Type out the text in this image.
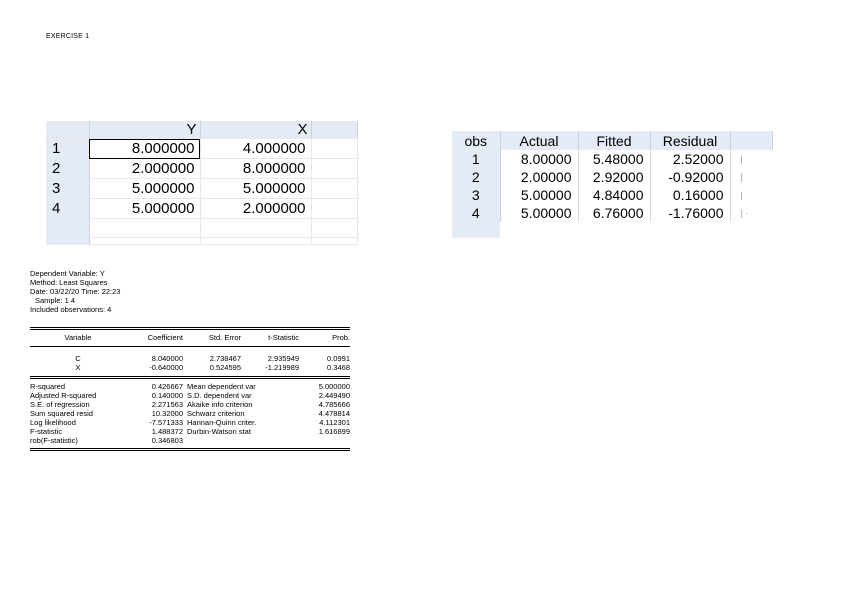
EXERCISE 1
	Y	X	
1	8.000000	4.000000	
2	2.000000	8.000000	
3	5.000000	5.000000	
4	5.000000	2.000000	

obs	Actual	Fitted	Residual	
1	8.00000	5.48000	2.52000	|
2	2.00000	2.92000	-0.92000	|
3	5.00000	4.84000	0.16000	|
4	5.00000	6.76000	-1.76000	| ·

Dependent Variable: Y
Method: Least Squares
Date: 03/22/20 Time: 22:23
Sample: 1 4
Included observations: 4

Variable	Coefficient	Std. Error	t-Statistic	Prob.

C	8.040000	2.738467	2.935949	0.0991
X	-0.640000	0.524595	-1.219989	0.3468

R-squared	0.426667	Mean dependent var		5.000000
Adjusted R-squared	0.140000	S.D. dependent var		2.449490
S.E. of regression	2.271563	Akaike info criterion		4.785666
Sum squared resid	10.32000	Schwarz criterion		4.478814
Log likelihood	-7.571333	Hannan-Quinn criter.		4.112301
F-statistic	1.488372	Durbin-Watson stat		1.616899
rob(F-statistic)	0.346803			
